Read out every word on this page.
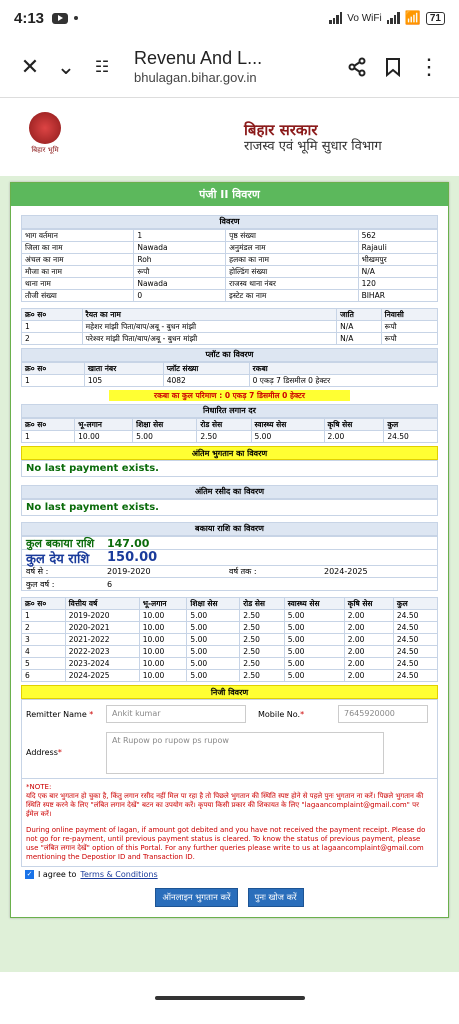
4:13	Vo WiFi 📶 71
✕ ⌄	☷	Revenu And L...
bhulagan.bihar.gov.in	⋮
बिहार भूमि
बिहार सरकार
राजस्व एवं भूमि सुधार विभाग
पंजी II विवरण
विवरण
भाग वर्तमान	1	पृष्ठ संख्या	562
जिला का नाम	Nawada	अनुमंडल नाम	Rajauli
अंचल का नाम	Roh	हलका का नाम	भीखमपुर
मौजा का नाम	रूपौ	होल्डिंग संख्या	N/A
थाना नाम	Nawada	राजस्व थाना नंबर	120
तौजी संख्या	0	इस्टेट का नाम	BIHAR
क्र० स०	रैयत का नाम	जाति	निवासी
1	महेशर मांझी पिता/बाप/अबू - बुधन मांझी	N/A	रूपौ
2	परेश्वर मांझी पिता/बाप/अबू - बुधन मांझी	N/A	रूपौ
प्लॉट का विवरण
क्र० स०	खाता नंबर	प्लॉट संख्या	रकबा
1	105	4082	0 एकड़ 7 डिसमील 0 हेक्टर
रकबा का कुल परिमाण : 0 एकड़ 7 डिसमील 0 हेक्टर
निधारित लगान दर
क्र० स०	भू-लगान	शिक्षा सेस	रोड सेस	स्वास्थ्य सेस	कृषि सेस	कुल
1	10.00	5.00	2.50	5.00	2.00	24.50
अंतिम भुगतान का विवरण
No last payment exists.
अंतिम रसीद का विवरण
No last payment exists.
बकाया राशि का विवरण
कुल बकाया राशि	147.00
कुल देय राशि	150.00
वर्ष से :	2019-2020	वर्ष तक :	2024-2025
कुल वर्ष :	6
क्र० स०	वित्तीय वर्ष	भू-लगान	शिक्षा सेस	रोड सेस	स्वास्थ्य सेस	कृषि सेस	कुल
1	2019-2020	10.00	5.00	2.50	5.00	2.00	24.50
2	2020-2021	10.00	5.00	2.50	5.00	2.00	24.50
3	2021-2022	10.00	5.00	2.50	5.00	2.00	24.50
4	2022-2023	10.00	5.00	2.50	5.00	2.00	24.50
5	2023-2024	10.00	5.00	2.50	5.00	2.00	24.50
6	2024-2025	10.00	5.00	2.50	5.00	2.00	24.50
निजी विवरण
Remitter Name *	Ankit kumar	Mobile No.*	7645920000
Address*
At Rupow po rupow ps rupow
*NOTE:
यदि एक बार भुगतान हो चुका है, किंतु लगान रसीद नहीं मिल पा रहा है तो पिछले भुगतान की स्थिति स्पष्ट होने से पहले पुनः भुगतान ना करें। पिछले भुगतान की स्थिति स्पष्ट करने के लिए "लंबित लगान देखें" बटन का उपयोग करें। कृपया किसी प्रकार की शिकायत के लिए "lagaancomplaint@gmail.com" पर ईमेल करें।
During online payment of lagan, if amount got debited and you have not received the payment receipt. Please do not go for re-payment, until previous payment status is cleared. To know the status of previous payment, please use "लंबित लगान देखें" option of this Portal. For any further queries please write to us at lagaancomplaint@gmail.com mentioning the Depostior ID and Transaction ID.
✓ I agree to Terms & Conditions
ऑनलाइन भुगतान करें	पुनः खोज करें
